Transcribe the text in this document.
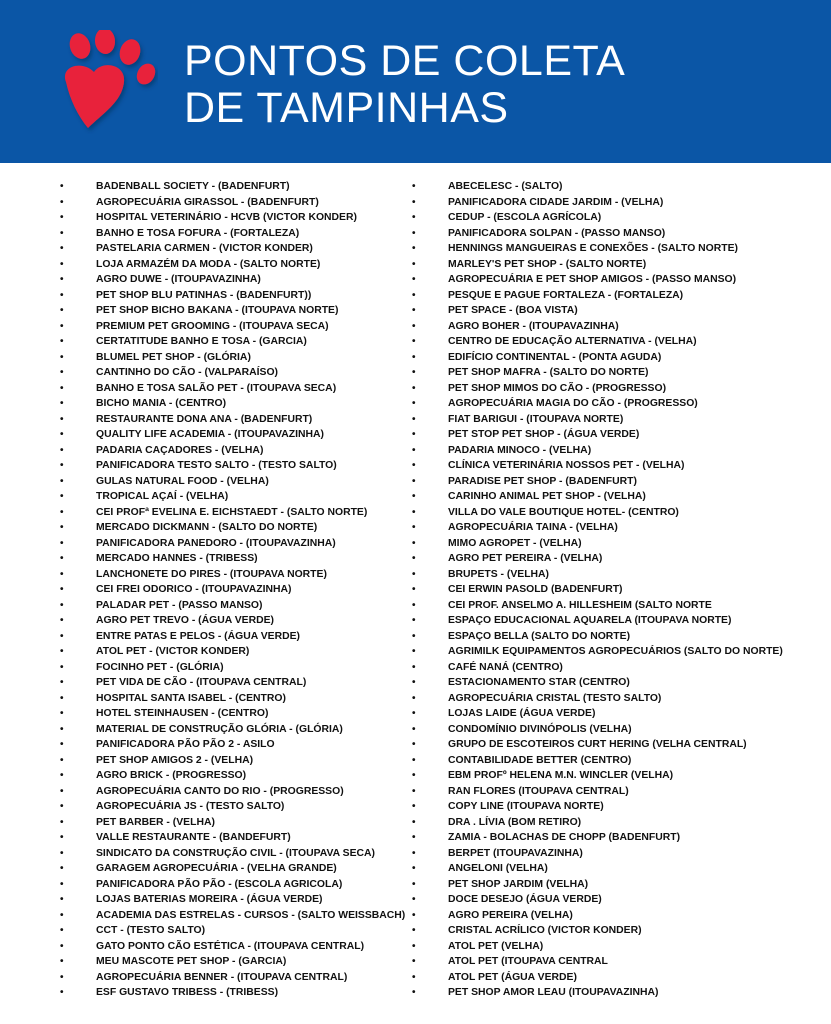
PONTOS DE COLETA
DE TAMPINHAS
• BADENBALL SOCIETY - (BADENFURT)
• AGROPECUÁRIA GIRASSOL - (BADENFURT)
• HOSPITAL VETERINÁRIO - HCVB (VICTOR KONDER)
• BANHO E TOSA FOFURA - (FORTALEZA)
• PASTELARIA CARMEN - (VICTOR KONDER)
• LOJA ARMAZÉM DA MODA - (SALTO NORTE)
• AGRO DUWE - (ITOUPAVAZINHA)
• PET SHOP BLU PATINHAS - (BADENFURT))
• PET SHOP BICHO BAKANA - (ITOUPAVA NORTE)
• PREMIUM PET GROOMING - (ITOUPAVA SECA)
• CERTATITUDE BANHO E TOSA - (GARCIA)
• BLUMEL PET SHOP - (GLÓRIA)
• CANTINHO DO CÃO - (VALPARAÍSO)
• BANHO E TOSA SALÃO PET - (ITOUPAVA SECA)
• BICHO MANIA - (CENTRO)
• RESTAURANTE DONA ANA - (BADENFURT)
• QUALITY LIFE ACADEMIA - (ITOUPAVAZINHA)
• PADARIA CAÇADORES - (VELHA)
• PANIFICADORA TESTO SALTO - (TESTO SALTO)
• GULAS NATURAL FOOD - (VELHA)
• TROPICAL AÇAÍ - (VELHA)
• CEI PROFª EVELINA E. EICHSTAEDT - (SALTO NORTE)
• MERCADO DICKMANN - (SALTO DO NORTE)
• PANIFICADORA PANEDORO - (ITOUPAVAZINHA)
• MERCADO HANNES - (TRIBESS)
• LANCHONETE DO PIRES - (ITOUPAVA NORTE)
• CEI FREI ODORICO - (ITOUPAVAZINHA)
• PALADAR PET - (PASSO MANSO)
• AGRO PET TREVO - (ÁGUA VERDE)
• ENTRE PATAS E PELOS - (ÁGUA VERDE)
• ATOL PET - (VICTOR KONDER)
• FOCINHO PET - (GLÓRIA)
• PET VIDA DE CÃO - (ITOUPAVA CENTRAL)
• HOSPITAL SANTA ISABEL - (CENTRO)
• HOTEL STEINHAUSEN - (CENTRO)
• MATERIAL DE CONSTRUÇÃO GLÓRIA - (GLÓRIA)
• PANIFICADORA PÃO PÃO 2 - ASILO
• PET SHOP AMIGOS 2 - (VELHA)
• AGRO BRICK - (PROGRESSO)
• AGROPECUÁRIA CANTO DO RIO - (PROGRESSO)
• AGROPECUÁRIA JS - (TESTO SALTO)
• PET BARBER - (VELHA)
• VALLE RESTAURANTE - (BANDEFURT)
• SINDICATO DA CONSTRUÇÃO CIVIL - (ITOUPAVA SECA)
• GARAGEM AGROPECUÁRIA - (VELHA GRANDE)
• PANIFICADORA PÃO PÃO - (ESCOLA AGRICOLA)
• LOJAS BATERIAS MOREIRA - (ÁGUA VERDE)
• ACADEMIA DAS ESTRELAS - CURSOS - (SALTO WEISSBACH)
• CCT - (TESTO SALTO)
• GATO PONTO CÃO ESTÉTICA - (ITOUPAVA CENTRAL)
• MEU MASCOTE PET SHOP - (GARCIA)
• AGROPECUÁRIA BENNER - (ITOUPAVA CENTRAL)
• ESF GUSTAVO TRIBESS - (TRIBESS)
• ABECELESC - (SALTO)
• PANIFICADORA CIDADE JARDIM - (VELHA)
• CEDUP - (ESCOLA AGRÍCOLA)
• PANIFICADORA SOLPAN - (PASSO MANSO)
• HENNINGS MANGUEIRAS E CONEXÕES - (SALTO NORTE)
• MARLEY'S PET SHOP - (SALTO NORTE)
• AGROPECUÁRIA E PET SHOP AMIGOS - (PASSO MANSO)
• PESQUE E PAGUE FORTALEZA - (FORTALEZA)
• PET SPACE - (BOA VISTA)
• AGRO BOHER - (ITOUPAVAZINHA)
• CENTRO DE EDUCAÇÃO ALTERNATIVA - (VELHA)
• EDIFÍCIO CONTINENTAL - (PONTA AGUDA)
• PET SHOP MAFRA - (SALTO DO NORTE)
• PET SHOP MIMOS DO CÃO - (PROGRESSO)
• AGROPECUÁRIA MAGIA DO CÃO - (PROGRESSO)
• FIAT BARIGUI - (ITOUPAVA NORTE)
• PET STOP PET SHOP - (ÁGUA VERDE)
• PADARIA MINOCO - (VELHA)
• CLÍNICA VETERINÁRIA NOSSOS PET - (VELHA)
• PARADISE PET SHOP - (BADENFURT)
• CARINHO ANIMAL PET SHOP - (VELHA)
• VILLA DO VALE BOUTIQUE HOTEL- (CENTRO)
• AGROPECUÁRIA TAINA - (VELHA)
• MIMO AGROPET - (VELHA)
• AGRO PET PEREIRA - (VELHA)
• BRUPETS - (VELHA)
• CEI ERWIN PASOLD (BADENFURT)
• CEI PROF. ANSELMO A. HILLESHEIM (SALTO NORTE
• ESPAÇO EDUCACIONAL AQUARELA (ITOUPAVA NORTE)
• ESPAÇO BELLA (SALTO DO NORTE)
• AGRIMILK EQUIPAMENTOS AGROPECUÁRIOS (SALTO DO NORTE)
• CAFÉ NANÁ (CENTRO)
• ESTACIONAMENTO STAR (CENTRO)
• AGROPECUÁRIA CRISTAL (TESTO SALTO)
• LOJAS LAIDE (ÁGUA VERDE)
• CONDOMÍNIO DIVINÓPOLIS (VELHA)
• GRUPO DE ESCOTEIROS CURT HERING (VELHA CENTRAL)
• CONTABILIDADE BETTER (CENTRO)
• EBM PROFº HELENA M.N. WINCLER (VELHA)
• RAN FLORES (ITOUPAVA CENTRAL)
• COPY LINE (ITOUPAVA NORTE)
• DRA . LÍVIA (BOM RETIRO)
• ZAMIA - BOLACHAS DE CHOPP (BADENFURT)
• BERPET (ITOUPAVAZINHA)
• ANGELONI (VELHA)
• PET SHOP JARDIM (VELHA)
• DOCE DESEJO (ÁGUA VERDE)
• AGRO PEREIRA (VELHA)
• CRISTAL ACRÍLICO (VICTOR KONDER)
• ATOL PET (VELHA)
• ATOL PET (ITOUPAVA CENTRAL
• ATOL PET (ÁGUA VERDE)
• PET SHOP AMOR LEAU (ITOUPAVAZINHA)
